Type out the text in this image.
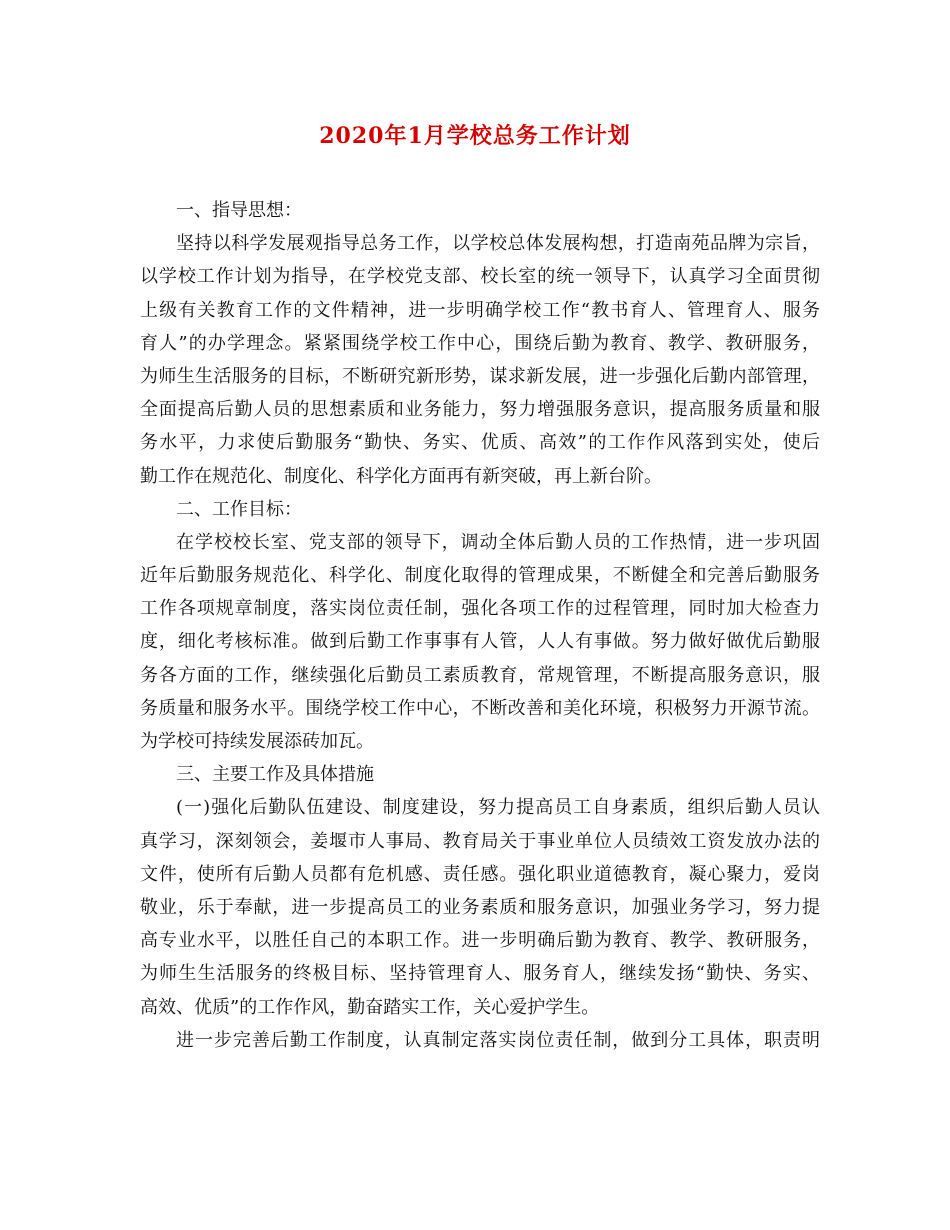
2020年1月学校总务工作计划
一、指导思想：
坚持以科学发展观指导总务工作，以学校总体发展构想，打造南苑品牌为宗旨，
以学校工作计划为指导，在学校党支部、校长室的统一领导下，认真学习全面贯彻
上级有关教育工作的文件精神，进一步明确学校工作“教书育人、管理育人、服务
育人”的办学理念。紧紧围绕学校工作中心，围绕后勤为教育、教学、教研服务，
为师生生活服务的目标，不断研究新形势，谋求新发展，进一步强化后勤内部管理，
全面提高后勤人员的思想素质和业务能力，努力增强服务意识，提高服务质量和服
务水平，力求使后勤服务“勤快、务实、优质、高效”的工作作风落到实处，使后
勤工作在规范化、制度化、科学化方面再有新突破，再上新台阶。
二、工作目标：
在学校校长室、党支部的领导下，调动全体后勤人员的工作热情，进一步巩固
近年后勤服务规范化、科学化、制度化取得的管理成果，不断健全和完善后勤服务
工作各项规章制度，落实岗位责任制，强化各项工作的过程管理，同时加大检查力
度，细化考核标准。做到后勤工作事事有人管，人人有事做。努力做好做优后勤服
务各方面的工作，继续强化后勤员工素质教育，常规管理，不断提高服务意识，服
务质量和服务水平。围绕学校工作中心，不断改善和美化环境，积极努力开源节流。
为学校可持续发展添砖加瓦。
三、主要工作及具体措施
(一)强化后勤队伍建设、制度建设，努力提高员工自身素质，组织后勤人员认
真学习，深刻领会，姜堰市人事局、教育局关于事业单位人员绩效工资发放办法的
文件，使所有后勤人员都有危机感、责任感。强化职业道德教育，凝心聚力，爱岗
敬业，乐于奉献，进一步提高员工的业务素质和服务意识，加强业务学习，努力提
高专业水平，以胜任自己的本职工作。进一步明确后勤为教育、教学、教研服务，
为师生生活服务的终极目标、坚持管理育人、服务育人，继续发扬“勤快、务实、
高效、优质”的工作作风，勤奋踏实工作，关心爱护学生。
进一步完善后勤工作制度，认真制定落实岗位责任制，做到分工具体，职责明
